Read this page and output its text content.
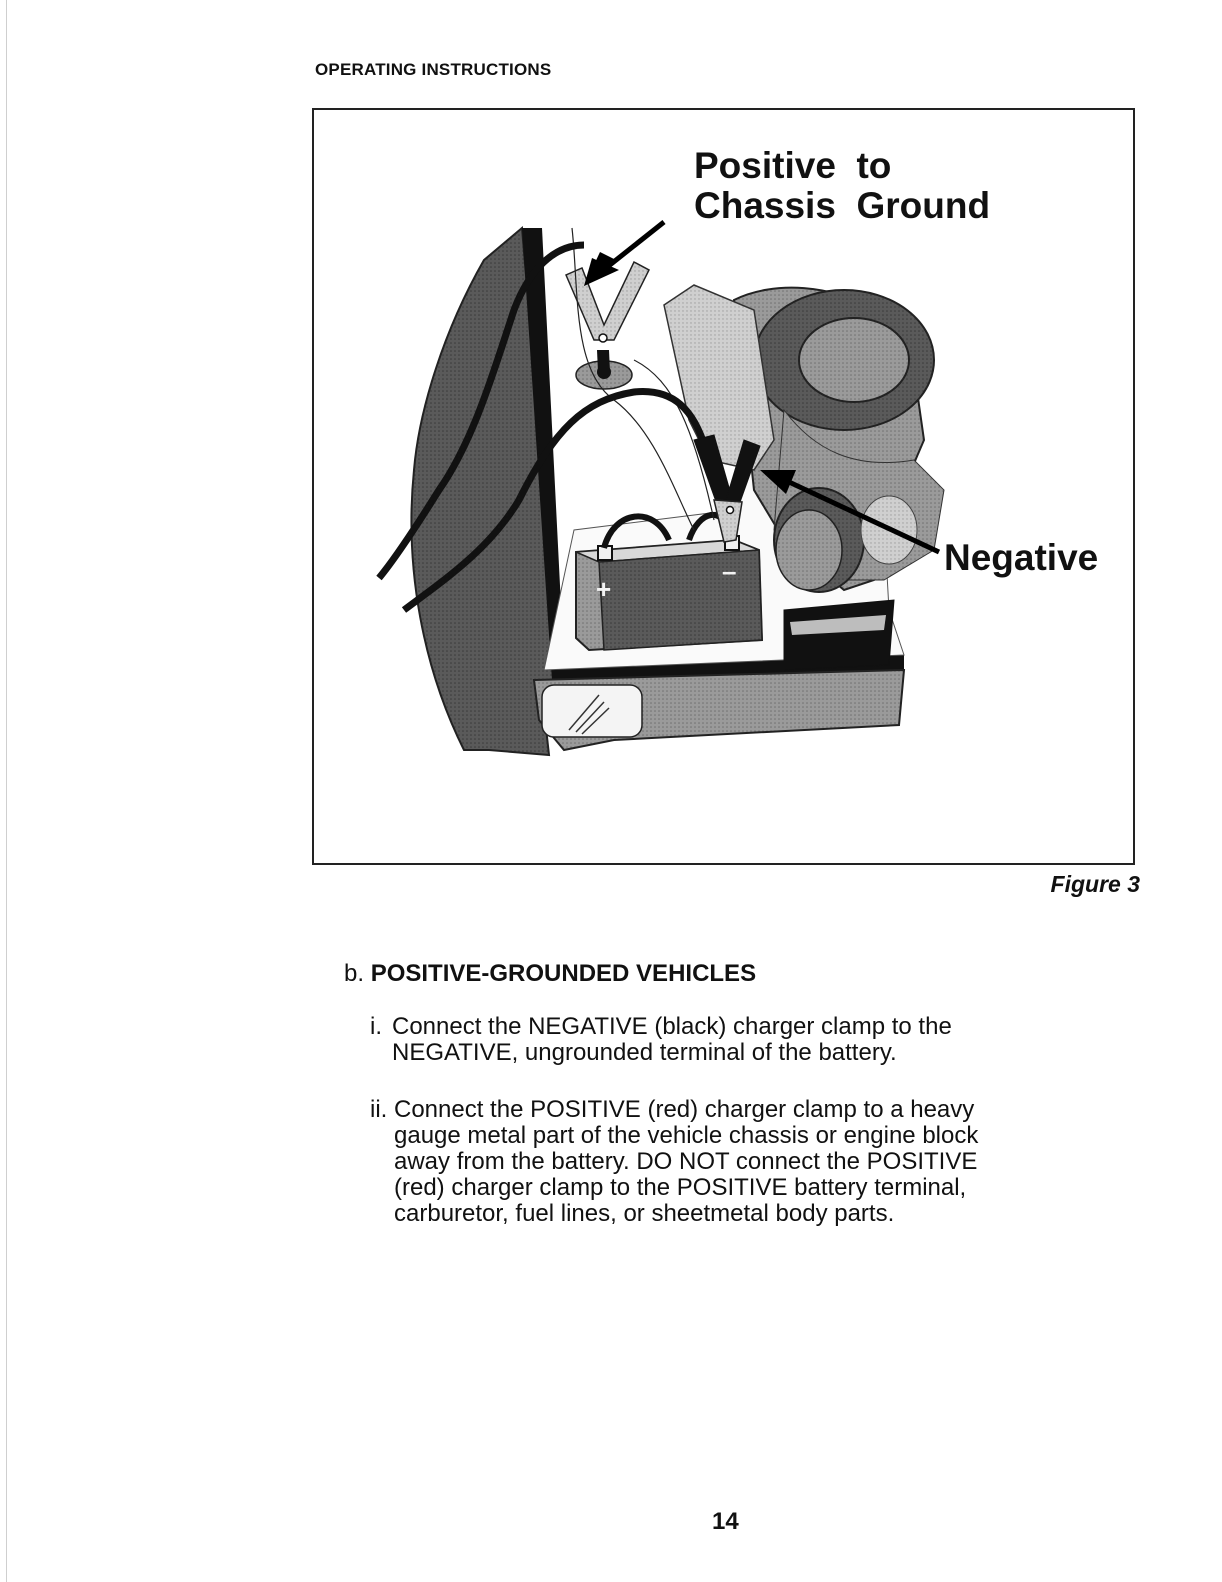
OPERATING INSTRUCTIONS
+
–
Positive  to
Chassis  Ground
Negative
Figure 3
b. POSITIVE-GROUNDED VEHICLES
i. Connect the NEGATIVE (black) charger clamp to the
NEGATIVE, ungrounded terminal of the battery.
ii. Connect the POSITIVE (red) charger clamp to a heavy
gauge metal part of the vehicle chassis or engine block
away from the battery. DO NOT connect the POSITIVE
(red) charger clamp to the POSITIVE battery terminal,
carburetor, fuel lines, or sheetmetal body parts.
14
